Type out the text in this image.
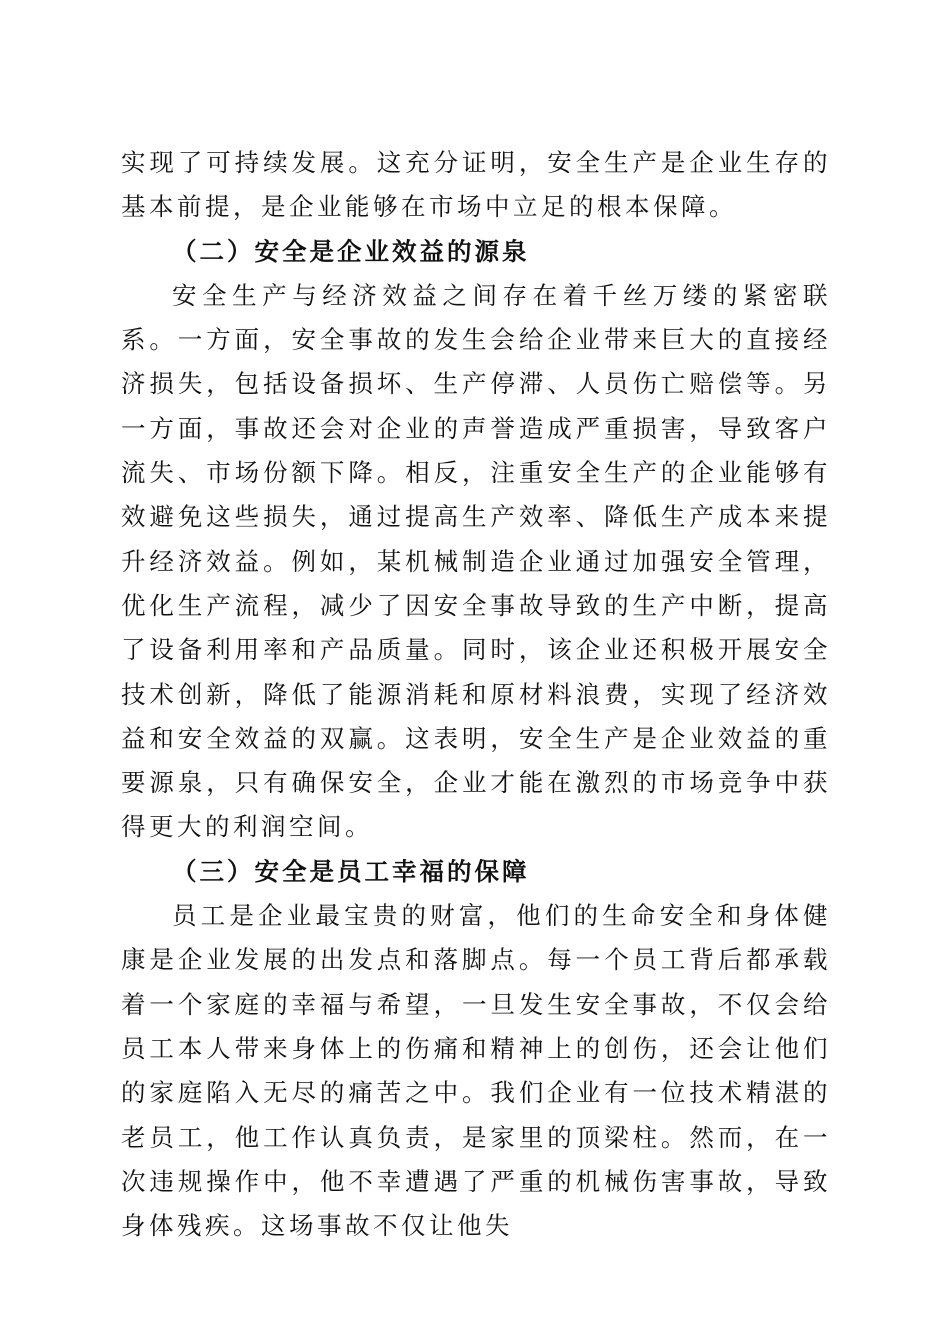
实现了可持续发展。这充分证明，安全生产是企业生存的基本前提，是企业能够在市场中立足的根本保障。

（二）安全是企业效益的源泉

安全生产与经济效益之间存在着千丝万缕的紧密联系。一方面，安全事故的发生会给企业带来巨大的直接经济损失，包括设备损坏、生产停滞、人员伤亡赔偿等。另一方面，事故还会对企业的声誉造成严重损害，导致客户流失、市场份额下降。相反，注重安全生产的企业能够有效避免这些损失，通过提高生产效率、降低生产成本来提升经济效益。例如，某机械制造企业通过加强安全管理，优化生产流程，减少了因安全事故导致的生产中断，提高了设备利用率和产品质量。同时，该企业还积极开展安全技术创新，降低了能源消耗和原材料浪费，实现了经济效益和安全效益的双赢。这表明，安全生产是企业效益的重要源泉，只有确保安全，企业才能在激烈的市场竞争中获得更大的利润空间。

（三）安全是员工幸福的保障

员工是企业最宝贵的财富，他们的生命安全和身体健康是企业发展的出发点和落脚点。每一个员工背后都承载着一个家庭的幸福与希望，一旦发生安全事故，不仅会给员工本人带来身体上的伤痛和精神上的创伤，还会让他们的家庭陷入无尽的痛苦之中。我们企业有一位技术精湛的老员工，他工作认真负责，是家里的顶梁柱。然而，在一次违规操作中，他不幸遭遇了严重的机械伤害事故，导致身体残疾。这场事故不仅让他失
